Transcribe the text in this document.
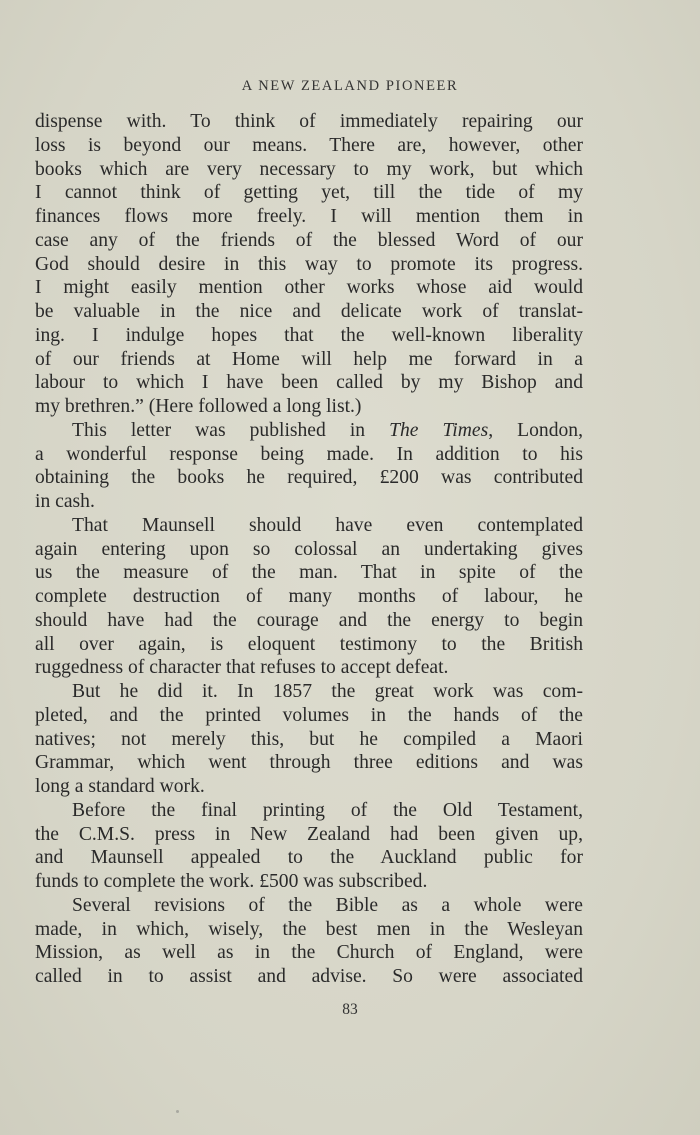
A NEW ZEALAND PIONEER
dispense with. To think of immediately repairing our
loss is beyond our means. There are, however, other
books which are very necessary to my work, but which
I cannot think of getting yet, till the tide of my
finances flows more freely. I will mention them in
case any of the friends of the blessed Word of our
God should desire in this way to promote its progress.
I might easily mention other works whose aid would
be valuable in the nice and delicate work of translat-
ing. I indulge hopes that the well-known liberality
of our friends at Home will help me forward in a
labour to which I have been called by my Bishop and
my brethren.” (Here followed a long list.)
This letter was published in The Times, London,
a wonderful response being made. In addition to his
obtaining the books he required, £200 was contributed
in cash.
That Maunsell should have even contemplated
again entering upon so colossal an undertaking gives
us the measure of the man. That in spite of the
complete destruction of many months of labour, he
should have had the courage and the energy to begin
all over again, is eloquent testimony to the British
ruggedness of character that refuses to accept defeat.
But he did it. In 1857 the great work was com-
pleted, and the printed volumes in the hands of the
natives; not merely this, but he compiled a Maori
Grammar, which went through three editions and was
long a standard work.
Before the final printing of the Old Testament,
the C.M.S. press in New Zealand had been given up,
and Maunsell appealed to the Auckland public for
funds to complete the work. £500 was subscribed.
Several revisions of the Bible as a whole were
made, in which, wisely, the best men in the Wesleyan
Mission, as well as in the Church of England, were
called in to assist and advise. So were associated
83
